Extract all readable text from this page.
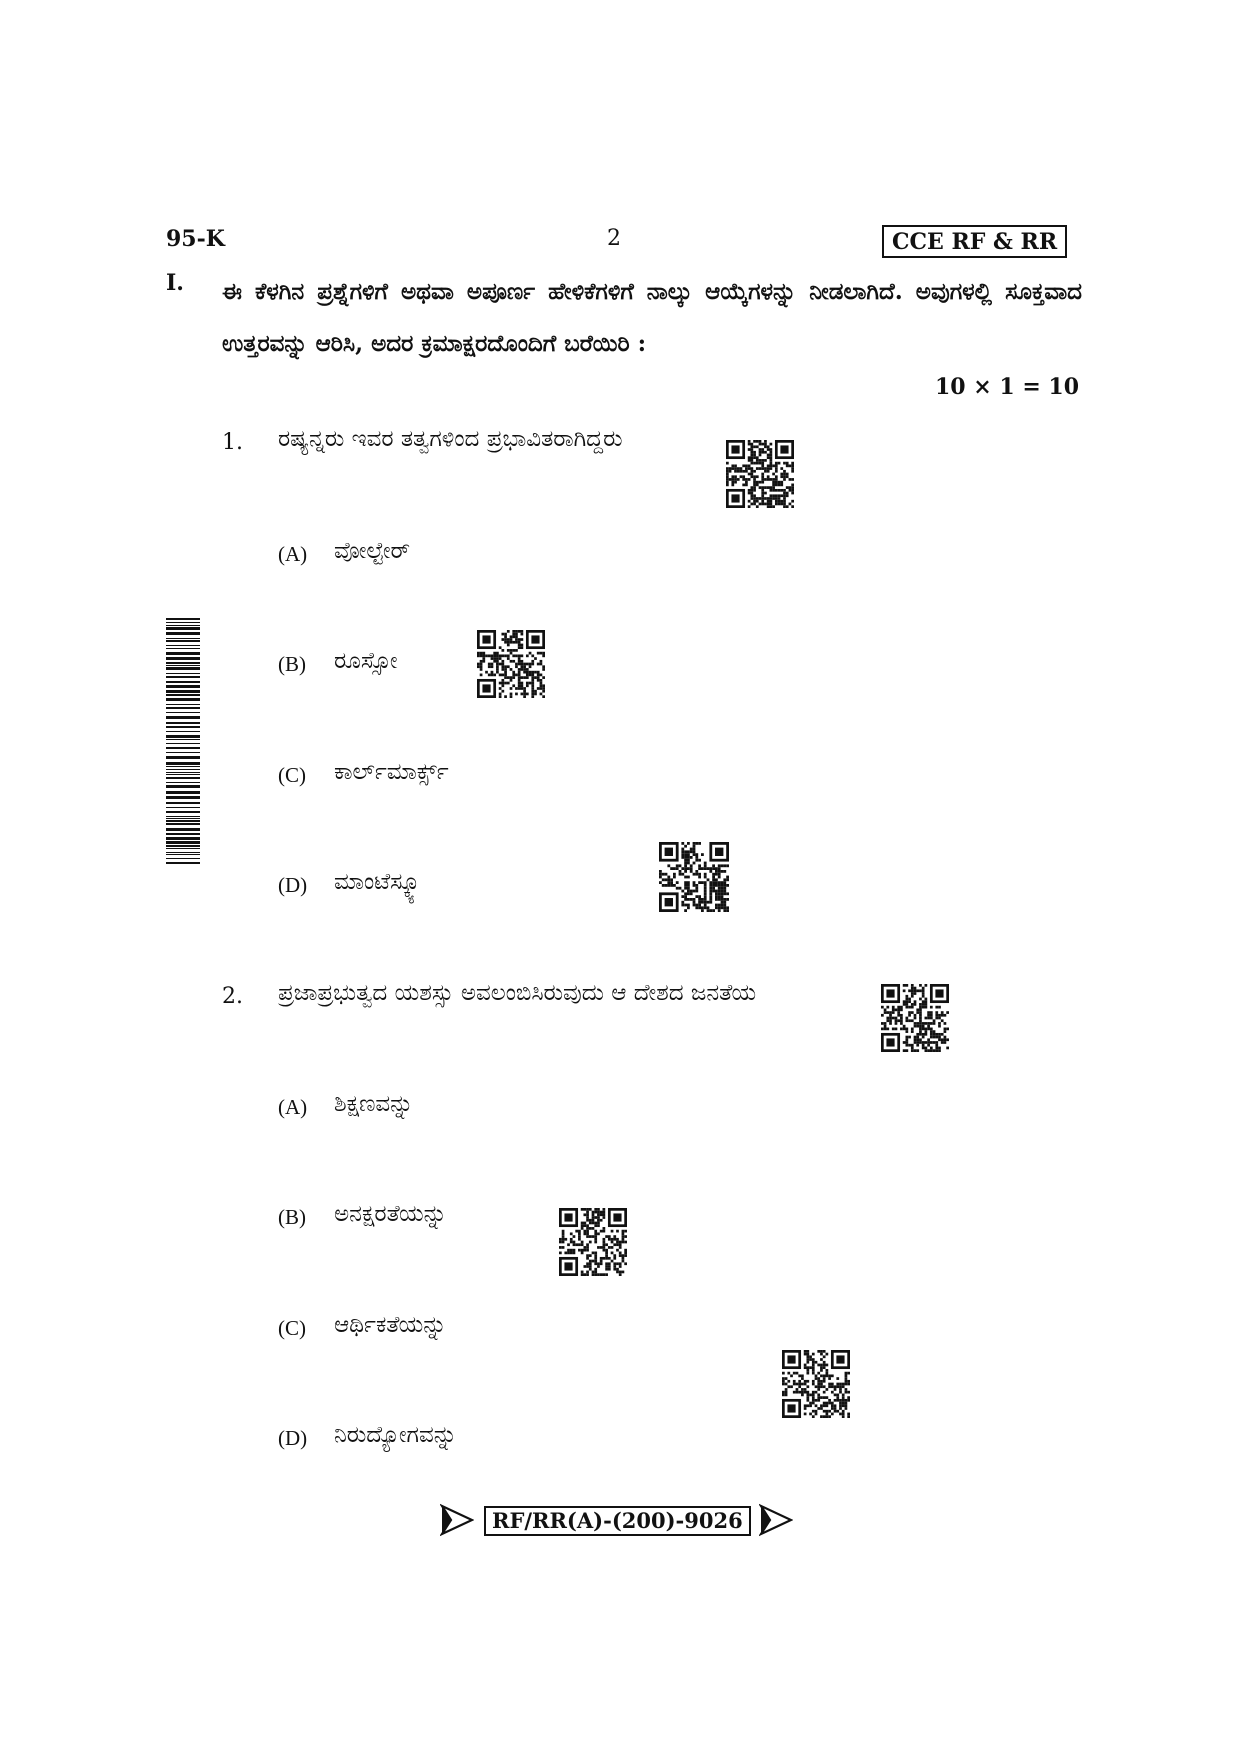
95-K	2	CCE RF & RR
I. ಈ ಕೆಳಗಿನ ಪ್ರಶ್ನೆಗಳಿಗೆ ಅಥವಾ ಅಪೂರ್ಣ ಹೇಳಿಕೆಗಳಿಗೆ ನಾಲ್ಕು ಆಯ್ಕೆಗಳನ್ನು ನೀಡಲಾಗಿದೆ. ಅವುಗಳಲ್ಲಿ ಸೂಕ್ತವಾದ ಉತ್ತರವನ್ನು ಆರಿಸಿ, ಅದರ ಕ್ರಮಾಕ್ಷರದೊಂದಿಗೆ ಬರೆಯಿರಿ :
10 × 1 = 10
1. ರಷ್ಯನ್ನರು ಇವರ ತತ್ವಗಳಿಂದ ಪ್ರಭಾವಿತರಾಗಿದ್ದರು
(A) ವೋಲ್ಟೇರ್
(B) ರೂಸ್ಸೋ
(C) ಕಾರ್ಲ್‌ಮಾರ್ಕ್ಸ್
(D) ಮಾಂಟೆಸ್ಕ್ಯೂ
2. ಪ್ರಜಾಪ್ರಭುತ್ವದ ಯಶಸ್ಸು ಅವಲಂಬಿಸಿರುವುದು ಆ ದೇಶದ ಜನತೆಯ
(A) ಶಿಕ್ಷಣವನ್ನು
(B) ಅನಕ್ಷರತೆಯನ್ನು
(C) ಆರ್ಥಿಕತೆಯನ್ನು
(D) ನಿರುದ್ಯೋಗವನ್ನು
RF/RR(A)-(200)-9026
